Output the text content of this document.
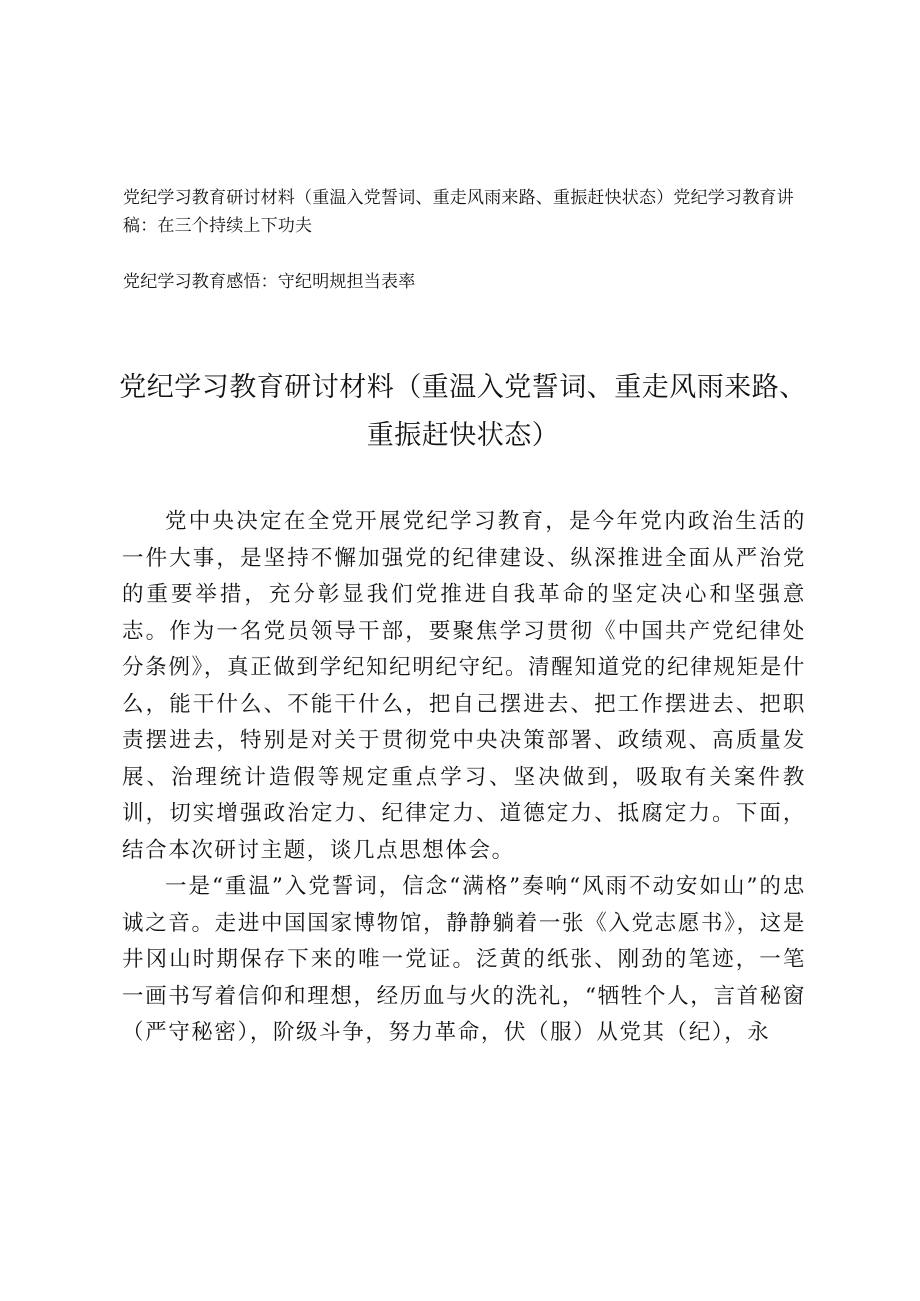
党纪学习教育研讨材料（重温入党誓词、重走风雨来路、重振赶快状态）党纪学习教育讲稿：在三个持续上下功夫

党纪学习教育感悟：守纪明规担当表率

党纪学习教育研讨材料（重温入党誓词、重走风雨来路、重振赶快状态）

党中央决定在全党开展党纪学习教育，是今年党内政治生活的一件大事，是坚持不懈加强党的纪律建设、纵深推进全面从严治党的重要举措，充分彰显我们党推进自我革命的坚定决心和坚强意志。作为一名党员领导干部，要聚焦学习贯彻《中国共产党纪律处分条例》，真正做到学纪知纪明纪守纪。清醒知道党的纪律规矩是什么，能干什么、不能干什么，把自己摆进去、把工作摆进去、把职责摆进去，特别是对关于贯彻党中央决策部署、政绩观、高质量发展、治理统计造假等规定重点学习、坚决做到，吸取有关案件教训，切实增强政治定力、纪律定力、道德定力、抵腐定力。下面，结合本次研讨主题，谈几点思想体会。

一是“重温”入党誓词，信念“满格”奏响“风雨不动安如山”的忠诚之音。走进中国国家博物馆，静静躺着一张《入党志愿书》，这是井冈山时期保存下来的唯一党证。泛黄的纸张、刚劲的笔迹，一笔一画书写着信仰和理想，经历血与火的洗礼，“牺牲个人，言首秘窗（严守秘密），阶级斗争，努力革命，伏（服）从党其（纪），永
